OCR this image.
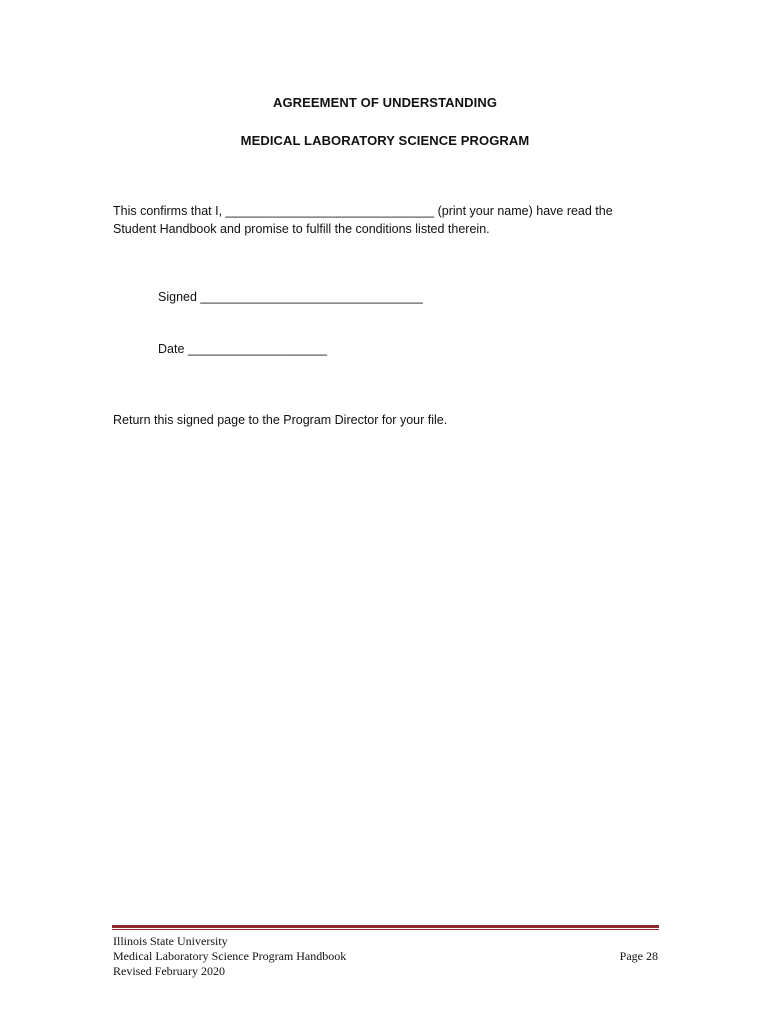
AGREEMENT OF UNDERSTANDING
MEDICAL LABORATORY SCIENCE PROGRAM
This confirms that I, ______________________________ (print your name) have read the Student Handbook and promise to fulfill the conditions listed therein.
Signed ________________________________
Date ____________________
Return this signed page to the Program Director for your file.
Illinois State University
Medical Laboratory Science Program Handbook
Revised February 2020
Page 28
